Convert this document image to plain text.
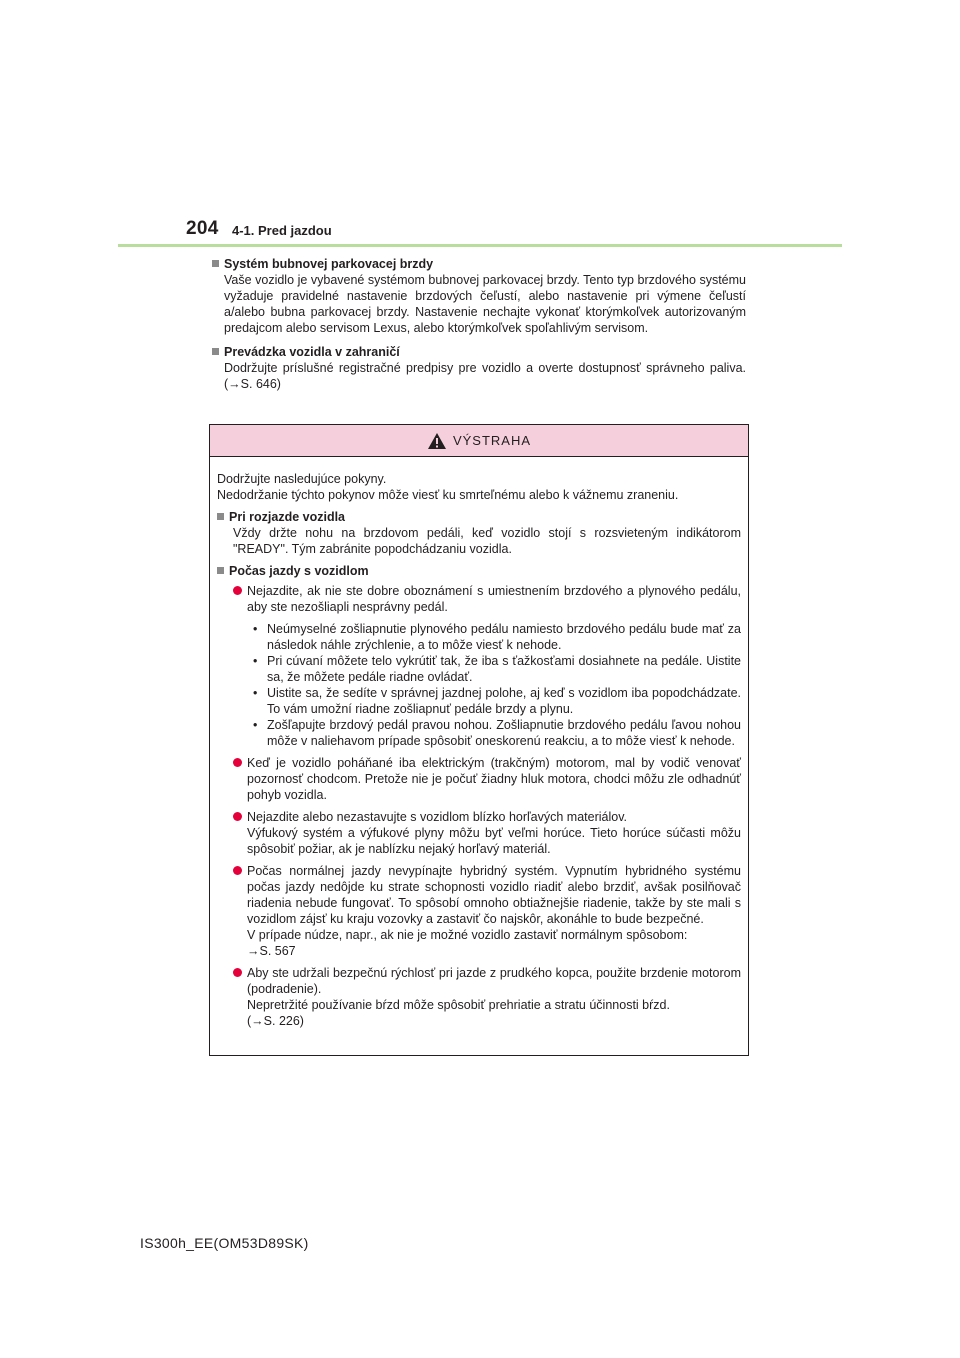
204 4-1. Pred jazdou
Systém bubnovej parkovacej brzdy
Vaše vozidlo je vybavené systémom bubnovej parkovacej brzdy. Tento typ brzdového systému vyžaduje pravidelné nastavenie brzdových čeľustí, alebo nastavenie pri výmene čeľustí a/alebo bubna parkovacej brzdy. Nastavenie nechajte vykonať ktorýmkoľvek autorizovaným predajcom alebo servisom Lexus, alebo ktorýmkoľvek spoľahlivým servisom.
Prevádzka vozidla v zahraničí
Dodržujte príslušné registračné predpisy pre vozidlo a overte dostupnosť správneho paliva. (→S. 646)
VÝSTRAHA
Dodržujte nasledujúce pokyny.
Nedodržanie týchto pokynov môže viesť ku smrteľnému alebo k vážnemu zraneniu.
Pri rozjazde vozidla
Vždy držte nohu na brzdovom pedáli, keď vozidlo stojí s rozsvieteným indikátorom "READY". Tým zabránite popodchádzaniu vozidla.
Počas jazdy s vozidlom
Nejazdite, ak nie ste dobre oboznámení s umiestnením brzdového a plynového pedálu, aby ste nezošliapli nesprávny pedál.
• Neúmyselné zošliapnutie plynového pedálu namiesto brzdového pedálu bude mať za následok náhle zrýchlenie, a to môže viesť k nehode.
• Pri cúvaní môžete telo vykrútiť tak, že iba s ťažkosťami dosiahnete na pedále. Uistite sa, že môžete pedále riadne ovládať.
• Uistite sa, že sedíte v správnej jazdnej polohe, aj keď s vozidlom iba popodchádzate. To vám umožní riadne zošliapnuť pedále brzdy a plynu.
• Zošľapujte brzdový pedál pravou nohou. Zošliapnutie brzdového pedálu ľavou nohou môže v naliehavom prípade spôsobiť oneskorenú reakciu, a to môže viesť k nehode.
Keď je vozidlo poháňané iba elektrickým (trakčným) motorom, mal by vodič venovať pozornosť chodcom. Pretože nie je počuť žiadny hluk motora, chodci môžu zle odhadnúť pohyb vozidla.
Nejazdite alebo nezastavujte s vozidlom blízko horľavých materiálov.
Výfukový systém a výfukové plyny môžu byť veľmi horúce. Tieto horúce súčasti môžu spôsobiť požiar, ak je nablízku nejaký horľavý materiál.
Počas normálnej jazdy nevypínajte hybridný systém. Vypnutím hybridného systému počas jazdy nedôjde ku strate schopnosti vozidlo riadiť alebo brzdiť, avšak posilňovač riadenia nebude fungovať. To spôsobí omnoho obtiažnejšie riadenie, takže by ste mali s vozidlom zájsť ku kraju vozovky a zastaviť čo najskôr, akonáhle to bude bezpečné.
V prípade núdze, napr., ak nie je možné vozidlo zastaviť normálnym spôsobom:
→S. 567
Aby ste udržali bezpečnú rýchlosť pri jazde z prudkého kopca, použite brzdenie motorom (podradenie).
Nepretržité používanie bŕzd môže spôsobiť prehriatie a stratu účinnosti bŕzd.
(→S. 226)
IS300h_EE(OM53D89SK)
